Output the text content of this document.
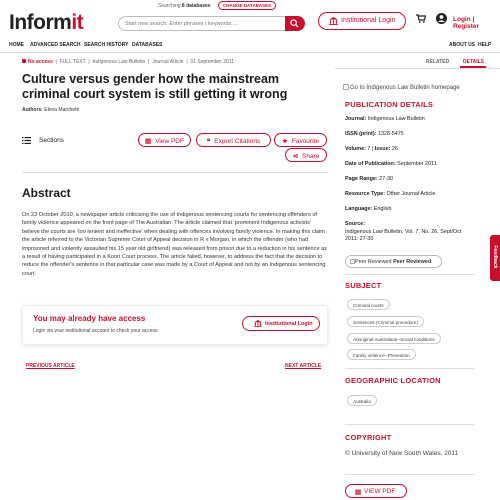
Informit
Searching 8 databases	CHANGE DATABASES
Start new search. Enter phrases | keywords ...	Institutional Login	Login | Register
HOME ADVANCED SEARCH SEARCH HISTORY DATABASES	ABOUT US HELP
No access  |  FULL TEXT  |  Indigenous Law Bulletin  |  Journal Article  |  01 September 2011	RELATED	DETAILS
Culture versus gender how the mainstream criminal court system is still getting it wrong
Authors: Elena Marchetti
Sections	▤ View PDF	❝ Export Citations	★ Favourite
⊲ Share
Abstract
On 23 October 2010, a newspaper article criticising the use of Indigenous sentencing courts for sentencing offenders of family violence appeared on the front page of The Australian. The article claimed that 'prominent Indigenous activists' believe the courts are 'too lenient and ineffective' when dealing with offences involving family violence. In making this claim the article referred to the Victorian Supreme Court of Appeal decision in R v Morgan, in which the offender (who had imprisoned and violently assaulted his 15 year old girlfriend) was released from prison due to a reduction in his sentence as a result of having participated in a Koori Court process. The article failed, however, to address the fact that the decision to reduce the offender's sentence in that particular case was made by a Court of Appeal and not by an Indigenous sentencing court.
You may already have access
Login via your institutional account to check your access
Institutional Login
PREVIOUS ARTICLE	NEXT ARTICLE
Go to Indigenous Law Bulletin homepage
PUBLICATION DETAILS
Journal: Indigenous Law Bulletin
ISSN (print): 1328-5475
Volume: 7 | Issue: 26
Date of Publication: September 2011
Page Range: 27-30
Resource Type: Other Journal Article
Language: English
Source:
Indigenous Law Bulletin, Vol. 7, No. 26, Sept/Oct 2011: 27-30
Peer Reviewed Peer Reviewed
SUBJECT
Criminal courts
Sentences (Criminal procedure)
Aboriginal Australians--Social conditions
Family violence--Prevention
GEOGRAPHIC LOCATION
Australia
COPYRIGHT
© University of New South Wales, 2011
▤ VIEW PDF
Feedback
